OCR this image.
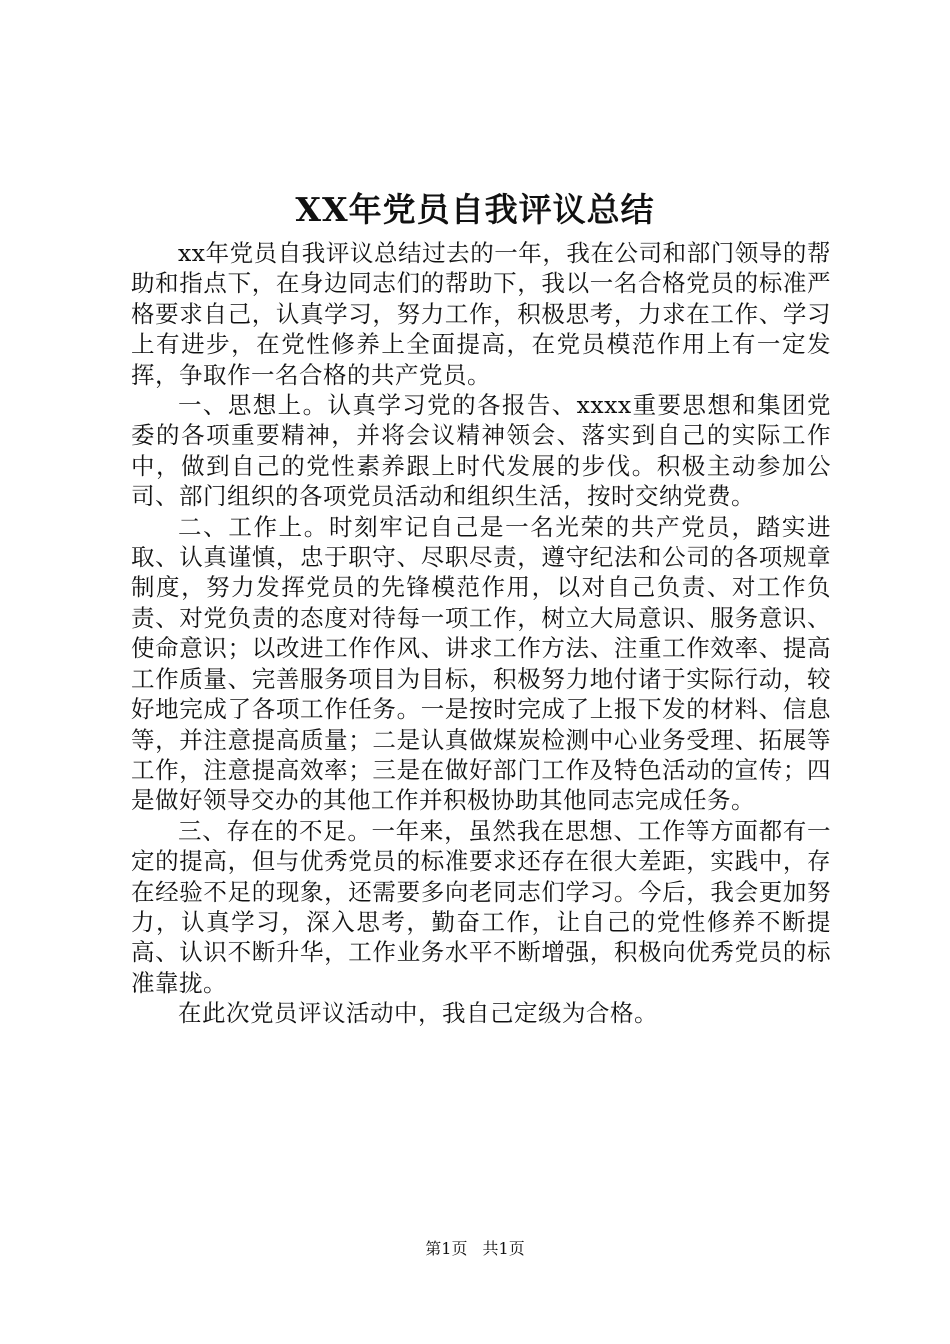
XX年党员自我评议总结

xx年党员自我评议总结过去的一年，我在公司和部门领导的帮助和指点下，在身边同志们的帮助下，我以一名合格党员的标准严格要求自己，认真学习，努力工作，积极思考，力求在工作、学习上有进步，在党性修养上全面提高，在党员模范作用上有一定发挥，争取作一名合格的共产党员。

一、思想上。认真学习党的各报告、xxxx重要思想和集团党委的各项重要精神，并将会议精神领会、落实到自己的实际工作中，做到自己的党性素养跟上时代发展的步伐。积极主动参加公司、部门组织的各项党员活动和组织生活，按时交纳党费。

二、工作上。时刻牢记自己是一名光荣的共产党员，踏实进取、认真谨慎，忠于职守、尽职尽责，遵守纪法和公司的各项规章制度，努力发挥党员的先锋模范作用，以对自己负责、对工作负责、对党负责的态度对待每一项工作，树立大局意识、服务意识、使命意识；以改进工作作风、讲求工作方法、注重工作效率、提高工作质量、完善服务项目为目标，积极努力地付诸于实际行动，较好地完成了各项工作任务。一是按时完成了上报下发的材料、信息等，并注意提高质量；二是认真做煤炭检测中心业务受理、拓展等工作，注意提高效率；三是在做好部门工作及特色活动的宣传；四是做好领导交办的其他工作并积极协助其他同志完成任务。

三、存在的不足。一年来，虽然我在思想、工作等方面都有一定的提高，但与优秀党员的标准要求还存在很大差距，实践中，存在经验不足的现象，还需要多向老同志们学习。今后，我会更加努力，认真学习，深入思考，勤奋工作，让自己的党性修养不断提高、认识不断升华，工作业务水平不断增强，积极向优秀党员的标准靠拢。

在此次党员评议活动中，我自己定级为合格。

第1页 共1页
